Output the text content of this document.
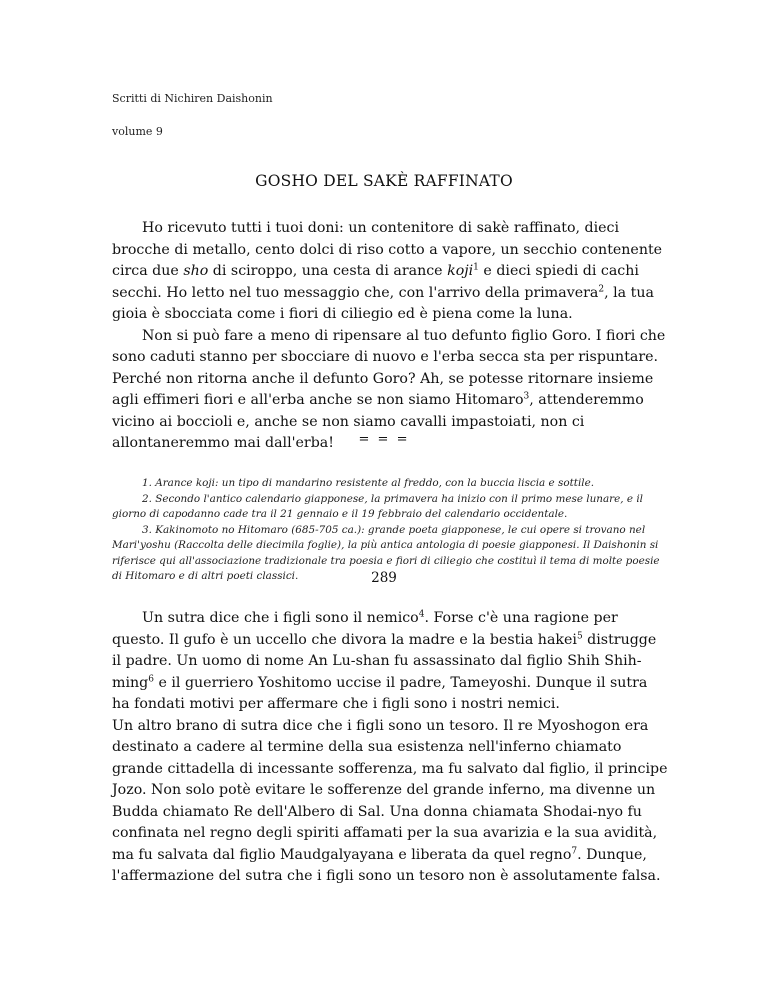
Scritti di Nichiren Daishonin
volume 9
GOSHO DEL SAKÈ RAFFINATO

Ho ricevuto tutti i tuoi doni: un contenitore di sakè raffinato, dieci brocche di metallo, cento dolci di riso cotto a vapore, un secchio contenente circa due sho di sciroppo, una cesta di arance koji$^1$ e dieci spiedi di cachi secchi. Ho letto nel tuo messaggio che, con l'arrivo della primavera$^2$, la tua gioia è sbocciata come i fiori di ciliegio ed è piena come la luna.

Non si può fare a meno di ripensare al tuo defunto figlio Goro. I fiori che sono caduti stanno per sbocciare di nuovo e l'erba secca sta per rispuntare. Perché non ritorna anche il defunto Goro? Ah, se potesse ritornare insieme agli effimeri fiori e all'erba anche se non siamo Hitomaro$^3$, attenderemmo vicino ai boccioli e, anche se non siamo cavalli impastoiati, non ci allontaneremmo mai dall'erba!	= = =

1. Arance koji: un tipo di mandarino resistente al freddo, con la buccia liscia e sottile.

2. Secondo l'antico calendario giapponese, la primavera ha inizio con il primo mese lunare, e il giorno di capodanno cade tra il 21 gennaio e il 19 febbraio del calendario occidentale.

3. Kakinomoto no Hitomaro (685-705 ca.): grande poeta giapponese, le cui opere si trovano nel Mari'yoshu (Raccolta delle diecimila foglie), la più antica antologia di poesie giapponesi. Il Daishonin si riferisce qui all'associazione tradizionale tra poesia e fiori di ciliegio che costituì il tema di molte poesie di Hitomaro e di altri poeti classici.	289

Un sutra dice che i figli sono il nemico$^4$. Forse c'è una ragione per questo. Il gufo è un uccello che divora la madre e la bestia hakei$^5$ distrugge il padre. Un uomo di nome An Lu-shan fu assassinato dal figlio Shih Shih-ming$^6$ e il guerriero Yoshitomo uccise il padre, Tameyoshi. Dunque il sutra ha fondati motivi per affermare che i figli sono i nostri nemici.

Un altro brano di sutra dice che i figli sono un tesoro. Il re Myoshogon era destinato a cadere al termine della sua esistenza nell'inferno chiamato grande cittadella di incessante sofferenza, ma fu salvato dal figlio, il principe Jozo. Non solo potè evitare le sofferenze del grande inferno, ma divenne un Budda chiamato Re dell'Albero di Sal. Una donna chiamata Shodai-nyo fu confinata nel regno degli spiriti affamati per la sua avarizia e la sua avidità, ma fu salvata dal figlio Maudgalyayana e liberata da quel regno$^7$. Dunque, l'affermazione del sutra che i figli sono un tesoro non è assolutamente falsa.
